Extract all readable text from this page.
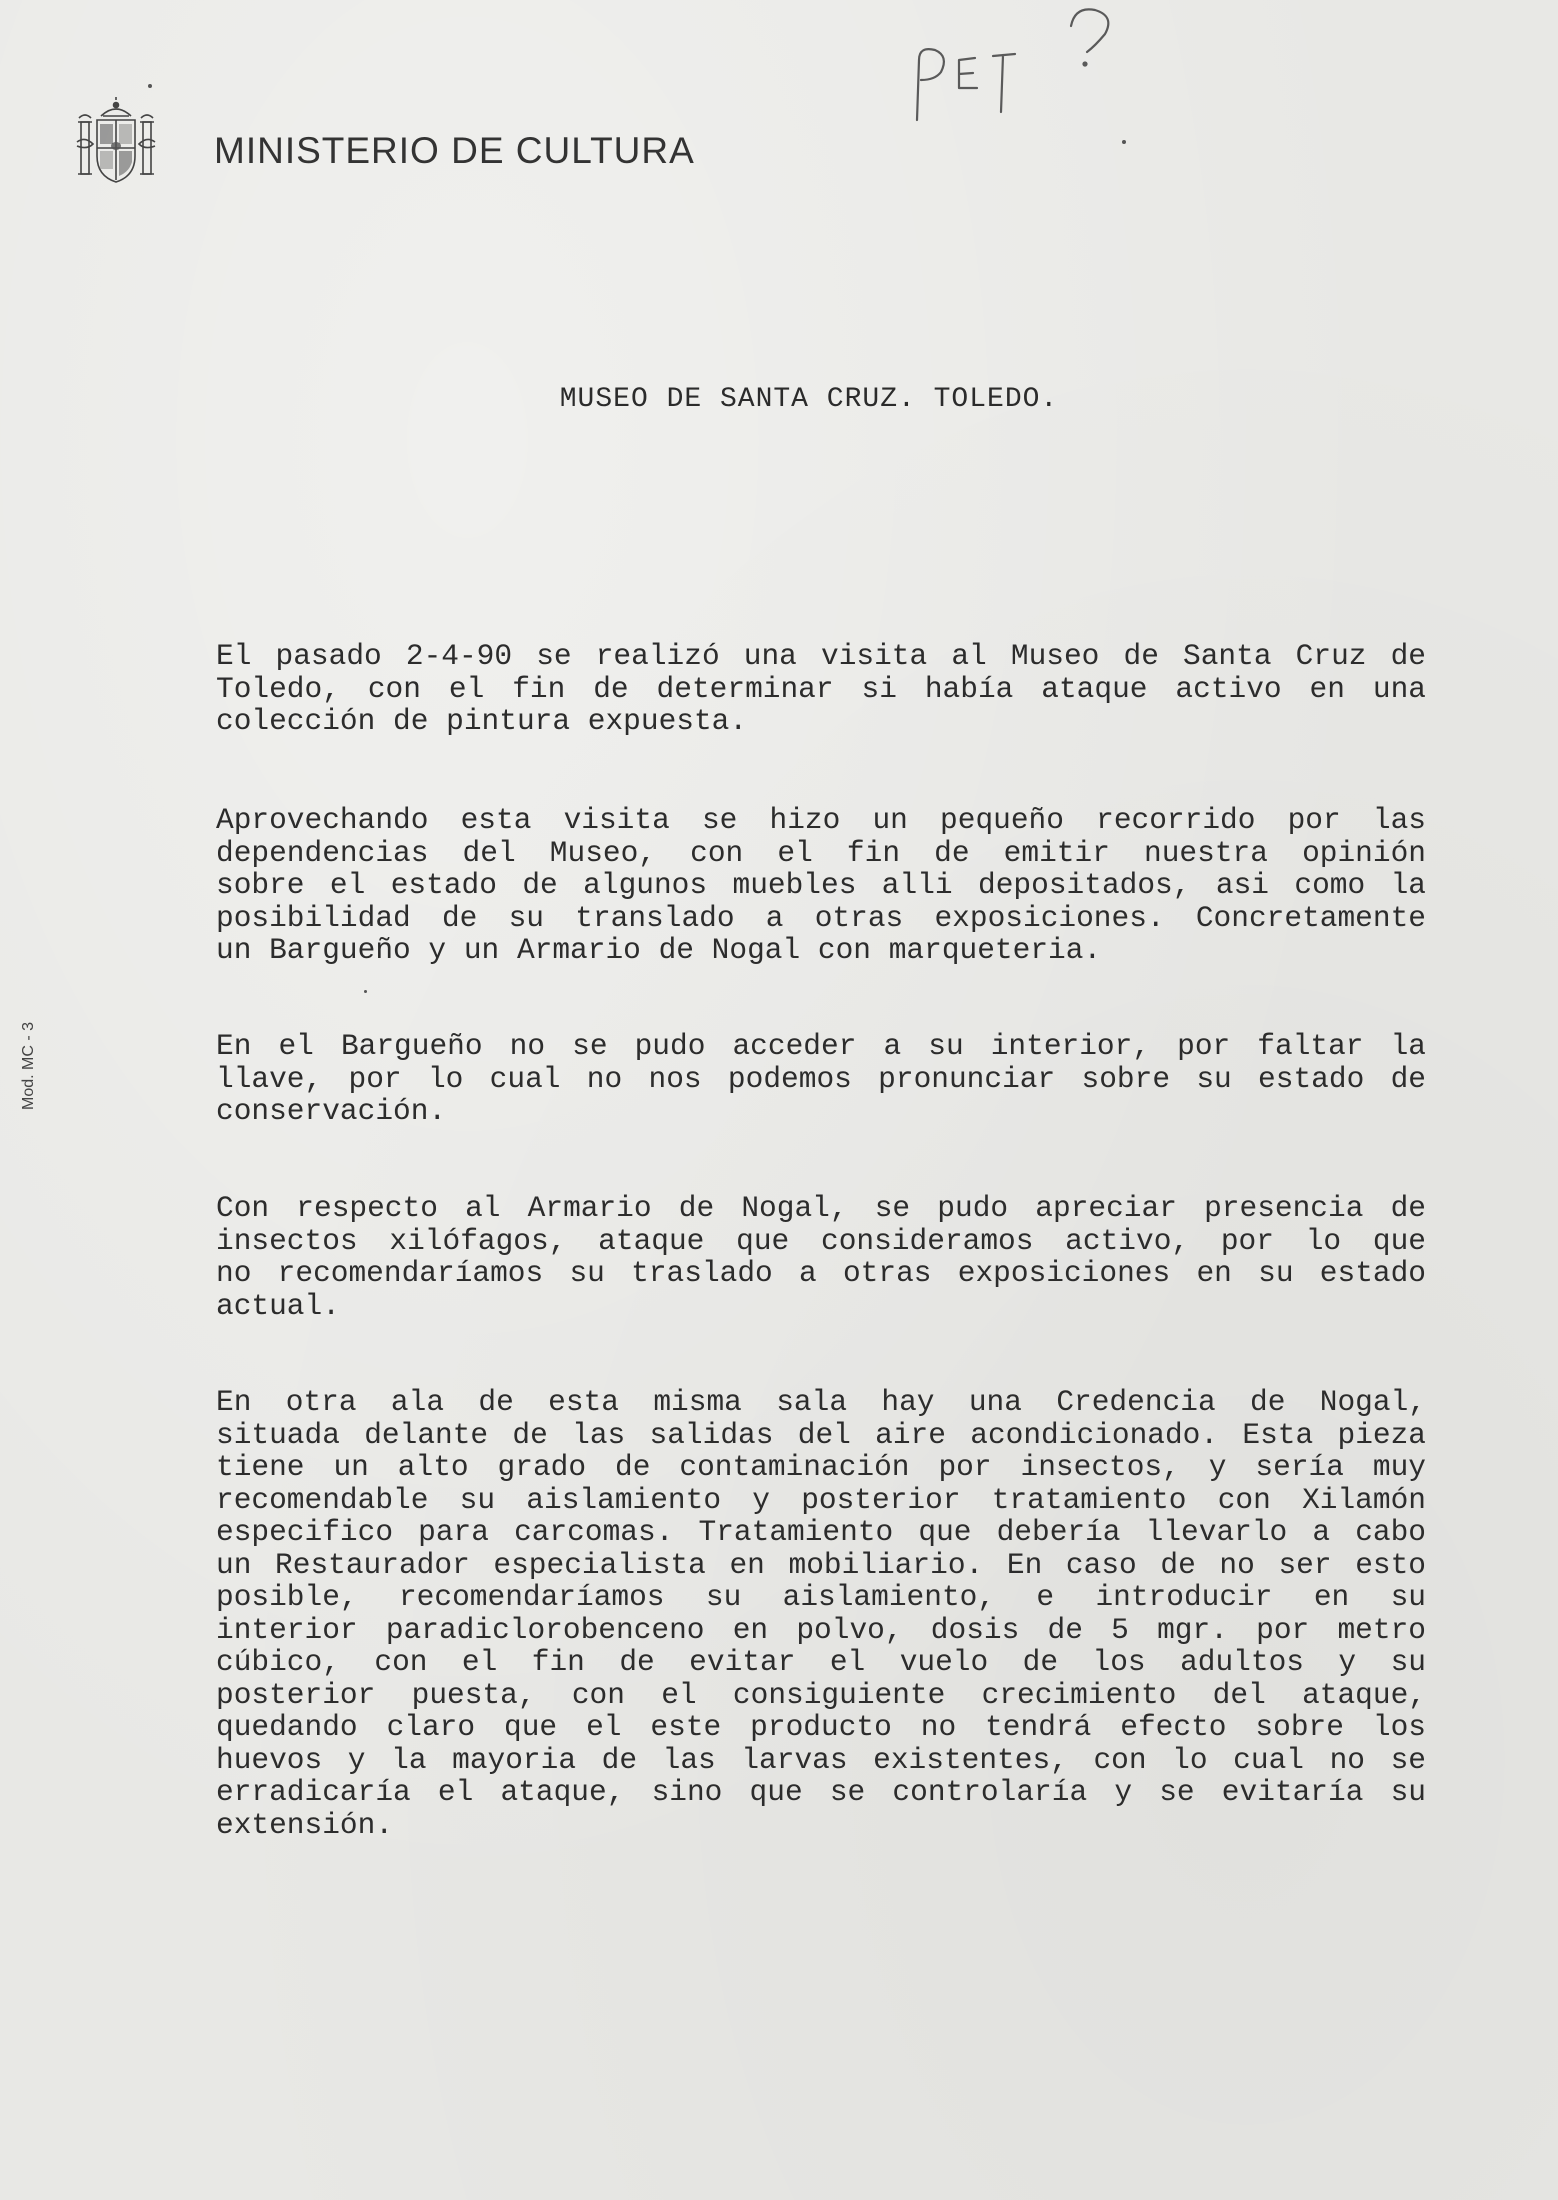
MINISTERIO DE CULTURA
Mod. MC - 3
MUSEO DE SANTA CRUZ. TOLEDO.
El pasado 2-4-90 se realizó una visita al Museo de Santa Cruz de
Toledo, con el fin de determinar si había ataque activo en una
colección de pintura expuesta.
Aprovechando esta visita se hizo un pequeño recorrido por las
dependencias del Museo, con el fin de emitir nuestra opinión
sobre el estado de algunos muebles alli depositados, asi como la
posibilidad de su translado a otras exposiciones. Concretamente
un Bargueño y un Armario de Nogal con marqueteria.
En el Bargueño no se pudo acceder a su interior, por faltar la
llave, por lo cual no nos podemos pronunciar sobre su estado de
conservación.
Con respecto al Armario de Nogal, se pudo apreciar presencia de
insectos xilófagos, ataque que consideramos activo, por lo que
no recomendaríamos su traslado a otras exposiciones en su estado
actual.
En otra ala de esta misma sala hay una Credencia de Nogal,
situada delante de las salidas del aire acondicionado. Esta pieza
tiene un alto grado de contaminación por insectos, y sería muy
recomendable su aislamiento y posterior tratamiento con Xilamón
especifico para carcomas. Tratamiento que debería llevarlo a cabo
un Restaurador especialista en mobiliario. En caso de no ser esto
posible, recomendaríamos su aislamiento, e introducir en su
interior paradiclorobenceno en polvo, dosis de 5 mgr. por metro
cúbico, con el fin de evitar el vuelo de los adultos y su
posterior puesta, con el consiguiente crecimiento del ataque,
quedando claro que el este producto no tendrá efecto sobre los
huevos y la mayoria de las larvas existentes, con lo cual no se
erradicaría el ataque, sino que se controlaría y se evitaría su
extensión.
